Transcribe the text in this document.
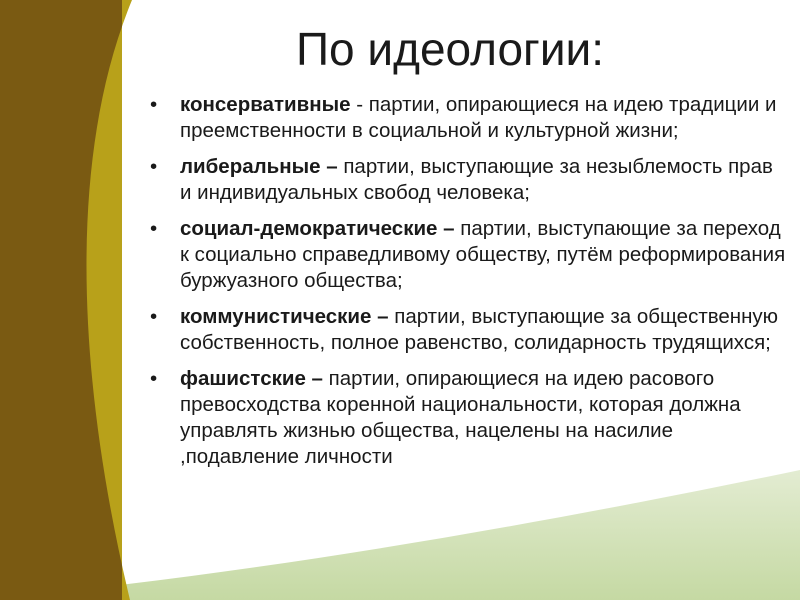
По идеологии:
•	консервативные - партии, опирающиеся на идею традиции и преемственности в социальной и культурной жизни;
•	либеральные – партии, выступающие за незыблемость прав и индивидуальных свобод человека;
•	социал-демократические – партии, выступающие за переход к социально справедливому обществу, путём реформирования буржуазного общества;
•	коммунистические – партии, выступающие за общественную собственность, полное равенство, солидарность трудящихся;
•	фашистские – партии, опирающиеся на идею расового превосходства коренной национальности, которая должна управлять жизнью общества, нацелены на насилие ,подавление личности
